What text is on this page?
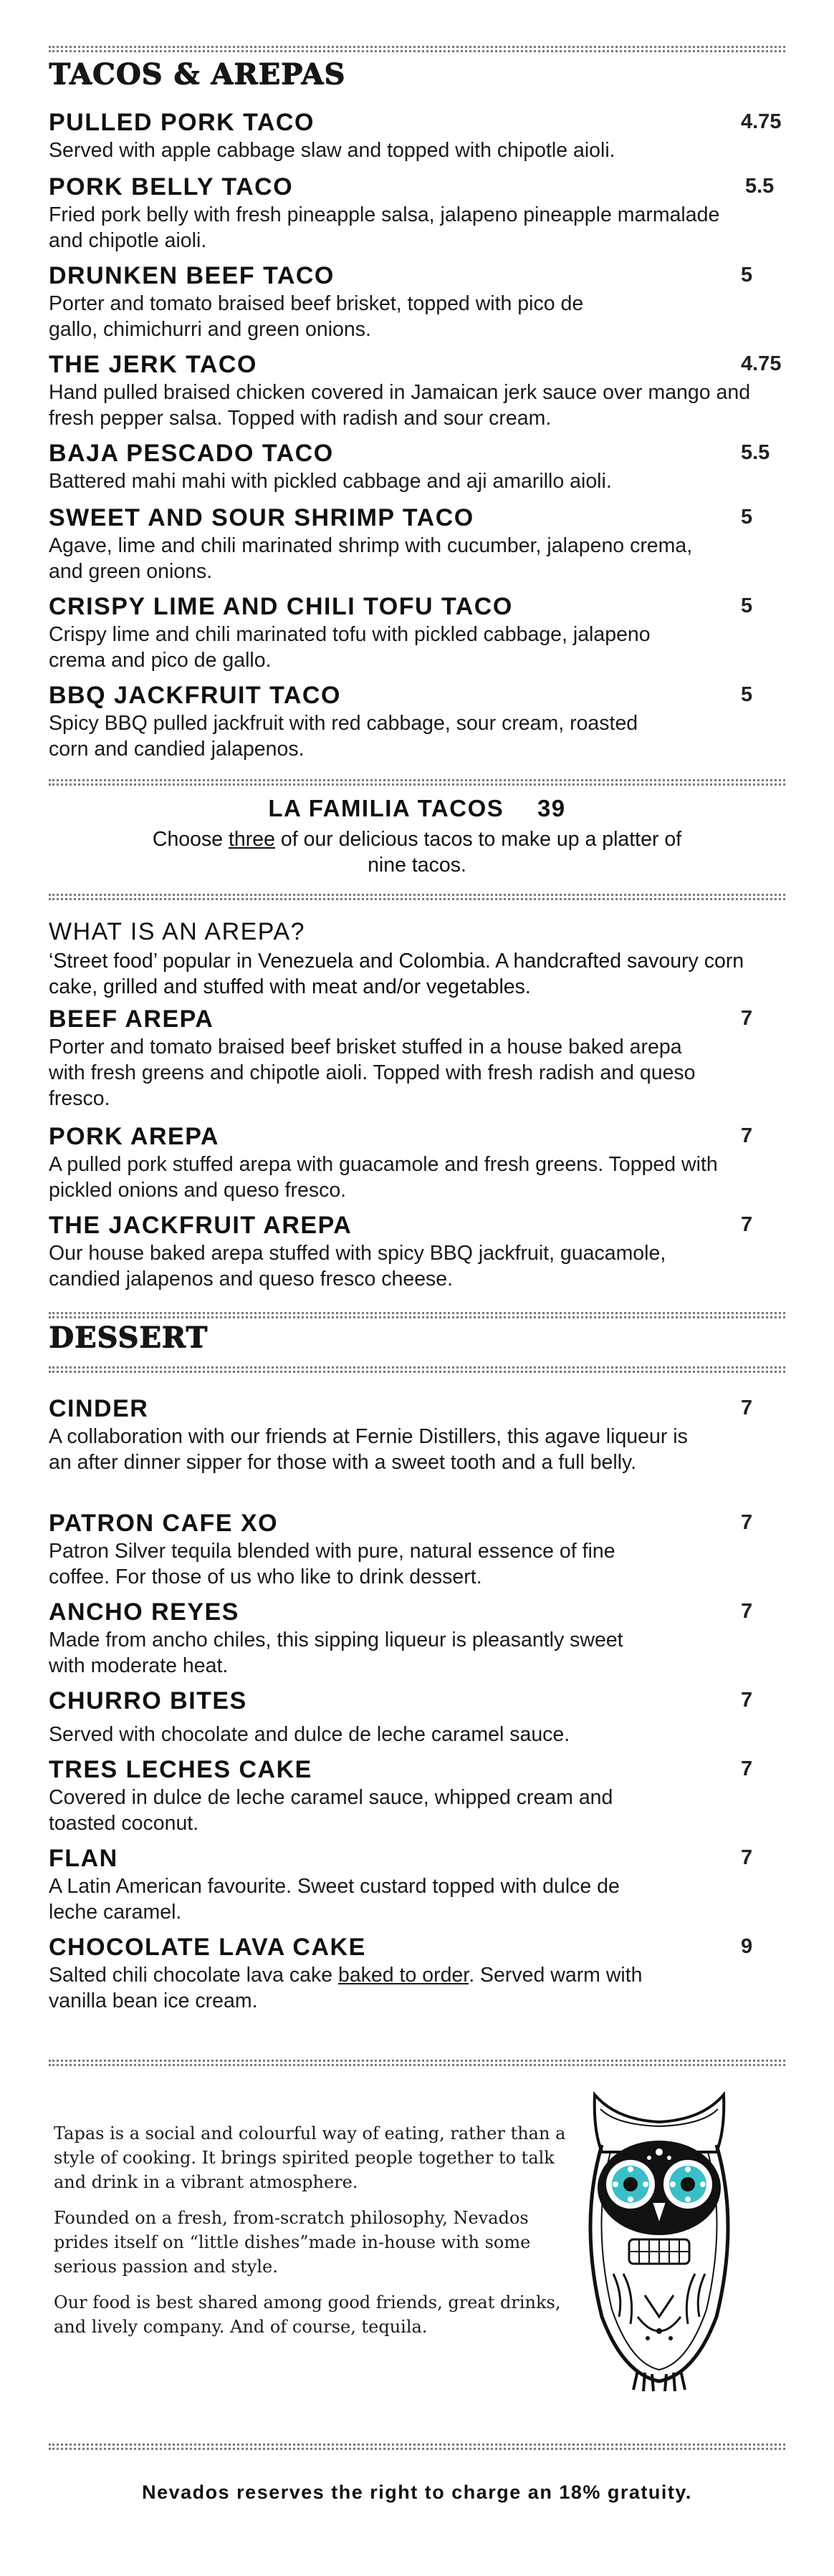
TACOS & AREPAS
PULLED PORK TACO	4.75
Served with apple cabbage slaw and topped with chipotle aioli.
PORK BELLY TACO	5.5
Fried pork belly with fresh pineapple salsa, jalapeno pineapple marmalade and chipotle aioli.
DRUNKEN BEEF TACO	5
Porter and tomato braised beef brisket, topped with pico de gallo, chimichurri and green onions.
THE JERK TACO	4.75
Hand pulled braised chicken covered in Jamaican jerk sauce over mango and fresh pepper salsa. Topped with radish and sour cream.
BAJA PESCADO TACO	5.5
Battered mahi mahi with pickled cabbage and aji amarillo aioli.
SWEET AND SOUR SHRIMP TACO	5
Agave, lime and chili marinated shrimp with cucumber, jalapeno crema, and green onions.
CRISPY LIME AND CHILI TOFU TACO	5
Crispy lime and chili marinated tofu with pickled cabbage, jalapeno crema and pico de gallo.
BBQ JACKFRUIT TACO	5
Spicy BBQ pulled jackfruit with red cabbage, sour cream, roasted corn and candied jalapenos.
LA FAMILIA TACOS 39
Choose three of our delicious tacos to make up a platter of nine tacos.
WHAT IS AN AREPA?
‘Street food’ popular in Venezuela and Colombia. A handcrafted savoury corn cake, grilled and stuffed with meat and/or vegetables.
BEEF AREPA	7
Porter and tomato braised beef brisket stuffed in a house baked arepa with fresh greens and chipotle aioli. Topped with fresh radish and queso fresco.
PORK AREPA	7
A pulled pork stuffed arepa with guacamole and fresh greens. Topped with pickled onions and queso fresco.
THE JACKFRUIT AREPA	7
Our house baked arepa stuffed with spicy BBQ jackfruit, guacamole, candied jalapenos and queso fresco cheese.
DESSERT
CINDER	7
A collaboration with our friends at Fernie Distillers, this agave liqueur is an after dinner sipper for those with a sweet tooth and a full belly.
PATRON CAFE XO	7
Patron Silver tequila blended with pure, natural essence of fine coffee. For those of us who like to drink dessert.
ANCHO REYES	7
Made from ancho chiles, this sipping liqueur is pleasantly sweet with moderate heat.
CHURRO BITES	7
Served with chocolate and dulce de leche caramel sauce.
TRES LECHES CAKE	7
Covered in dulce de leche caramel sauce, whipped cream and toasted coconut.
FLAN	7
A Latin American favourite. Sweet custard topped with dulce de leche caramel.
CHOCOLATE LAVA CAKE	9
Salted chili chocolate lava cake baked to order. Served warm with vanilla bean ice cream.

Tapas is a social and colourful way of eating, rather than a style of cooking. It brings spirited people together to talk and drink in a vibrant atmosphere.

Founded on a fresh, from-scratch philosophy, Nevados prides itself on “little dishes”made in-house with some serious passion and style.

Our food is best shared among good friends, great drinks, and lively company. And of course, tequila.

Nevados reserves the right to charge an 18% gratuity.
